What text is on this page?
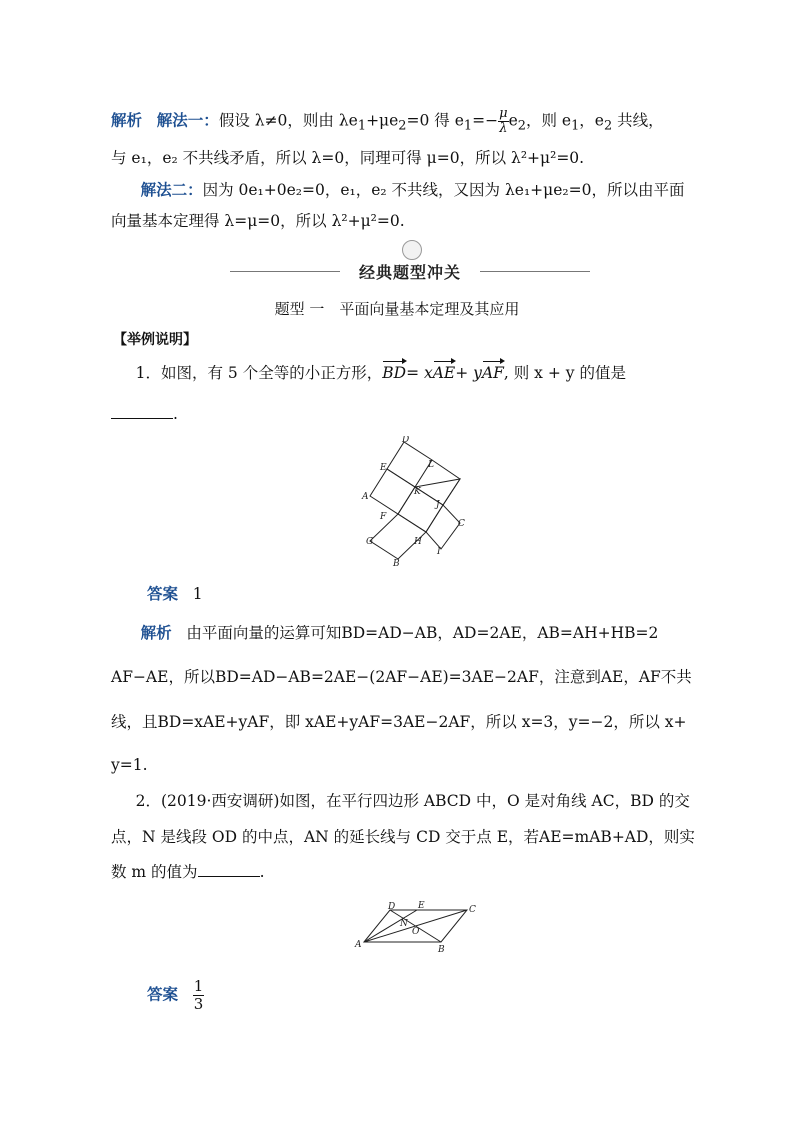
解析 解法一：假设 λ≠0，则由 $\lambda e_1+\mu e_2=0$ 得 $e_1=- \frac{\mu}{\lambda} e_2$，则 $e_1$，$e_2$ 共线，
与 e₁，e₂ 不共线矛盾，所以 λ=0，同理可得 μ=0，所以 λ²+μ²=0.
解法二：因为 0e₁+0e₂=0，e₁，e₂ 不共线，又因为 λe₁+μe₂=0，所以由平面
向量基本定理得 λ=μ=0，所以 λ²+μ²=0.
经典题型冲关
题型 一　平面向量基本定理及其应用
【举例说明】
1．如图，有 5 个全等的小正方形，BD= xAE+ yAF, 则 x + y 的值是
.
D
E	L
A	K
J
F
C
G	H
I
B
答案 1
解析 由平面向量的运算可知BD=AD−AB，AD=2AE，AB=AH+HB=2
AF−AE，所以BD=AD−AB=2AE−(2AF−AE)=3AE−2AF，注意到AE，AF不共
线，且BD=xAE+yAF，即 xAE+yAF=3AE−2AF，所以 x=3，y=−2，所以 x+
y=1.
2．(2019·西安调研)如图，在平行四边形 ABCD 中，O 是对角线 AC，BD 的交
点，N 是线段 OD 的中点，AN 的延长线与 CD 交于点 E，若AE=mAB+AD，则实
数 m 的值为	.
D	E	C
N
O
A	B
答案 $\frac{1}{3}$
